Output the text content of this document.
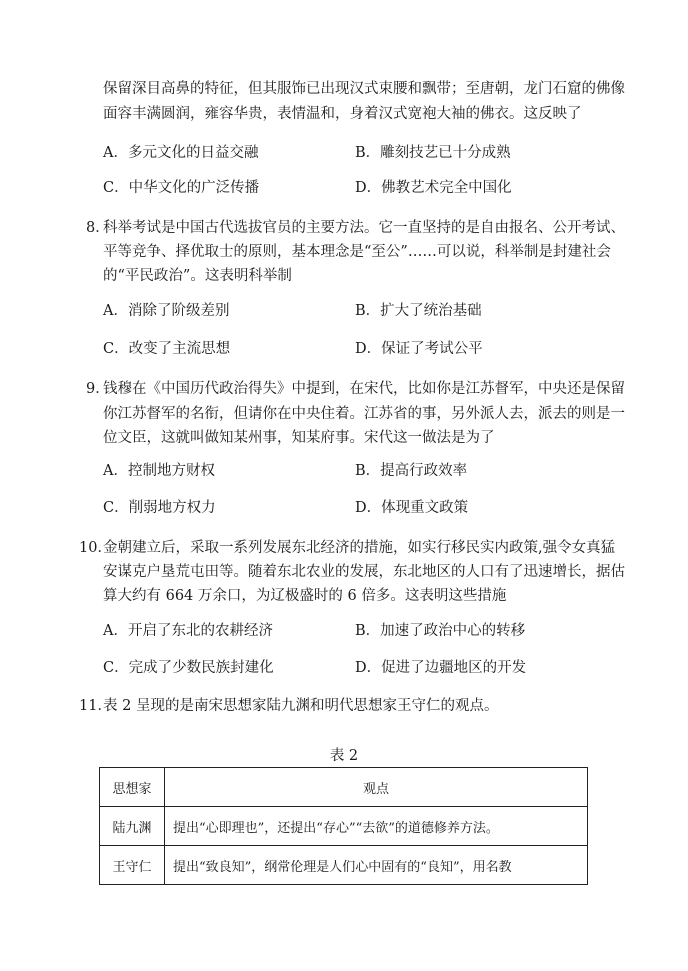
保留深目高鼻的特征，但其服饰已出现汉式束腰和飘带；至唐朝，龙门石窟的佛像
面容丰满圆润，雍容华贵，表情温和，身着汉式宽袍大袖的佛衣。这反映了
A．多元文化的日益交融	B．雕刻技艺已十分成熟
C．中华文化的广泛传播	D．佛教艺术完全中国化
8．
科举考试是中国古代选拔官员的主要方法。它一直坚持的是自由报名、公开考试、
平等竞争、择优取士的原则，基本理念是“至公”……可以说，科举制是封建社会
的“平民政治”。这表明科举制
A．消除了阶级差别	B．扩大了统治基础
C．改变了主流思想	D．保证了考试公平
9．
钱穆在《中国历代政治得失》中提到，在宋代，比如你是江苏督军，中央还是保留
你江苏督军的名衔，但请你在中央住着。江苏省的事，另外派人去，派去的则是一
位文臣，这就叫做知某州事，知某府事。宋代这一做法是为了
A．控制地方财权	B．提高行政效率
C．削弱地方权力	D．体现重文政策
10．
金朝建立后，采取一系列发展东北经济的措施，如实行移民实内政策,强令女真猛
安谋克户垦荒屯田等。随着东北农业的发展，东北地区的人口有了迅速增长，据估
算大约有 664 万余口，为辽极盛时的 6 倍多。这表明这些措施
A．开启了东北的农耕经济	B．加速了政治中心的转移
C．完成了少数民族封建化	D．促进了边疆地区的开发
11．
表 2 呈现的是南宋思想家陆九渊和明代思想家王守仁的观点。
表 2
思想家	观点
陆九渊	提出“心即理也”，还提出“存心”“去欲”的道德修养方法。
王守仁	提出“致良知”，纲常伦理是人们心中固有的“良知”，用名教
